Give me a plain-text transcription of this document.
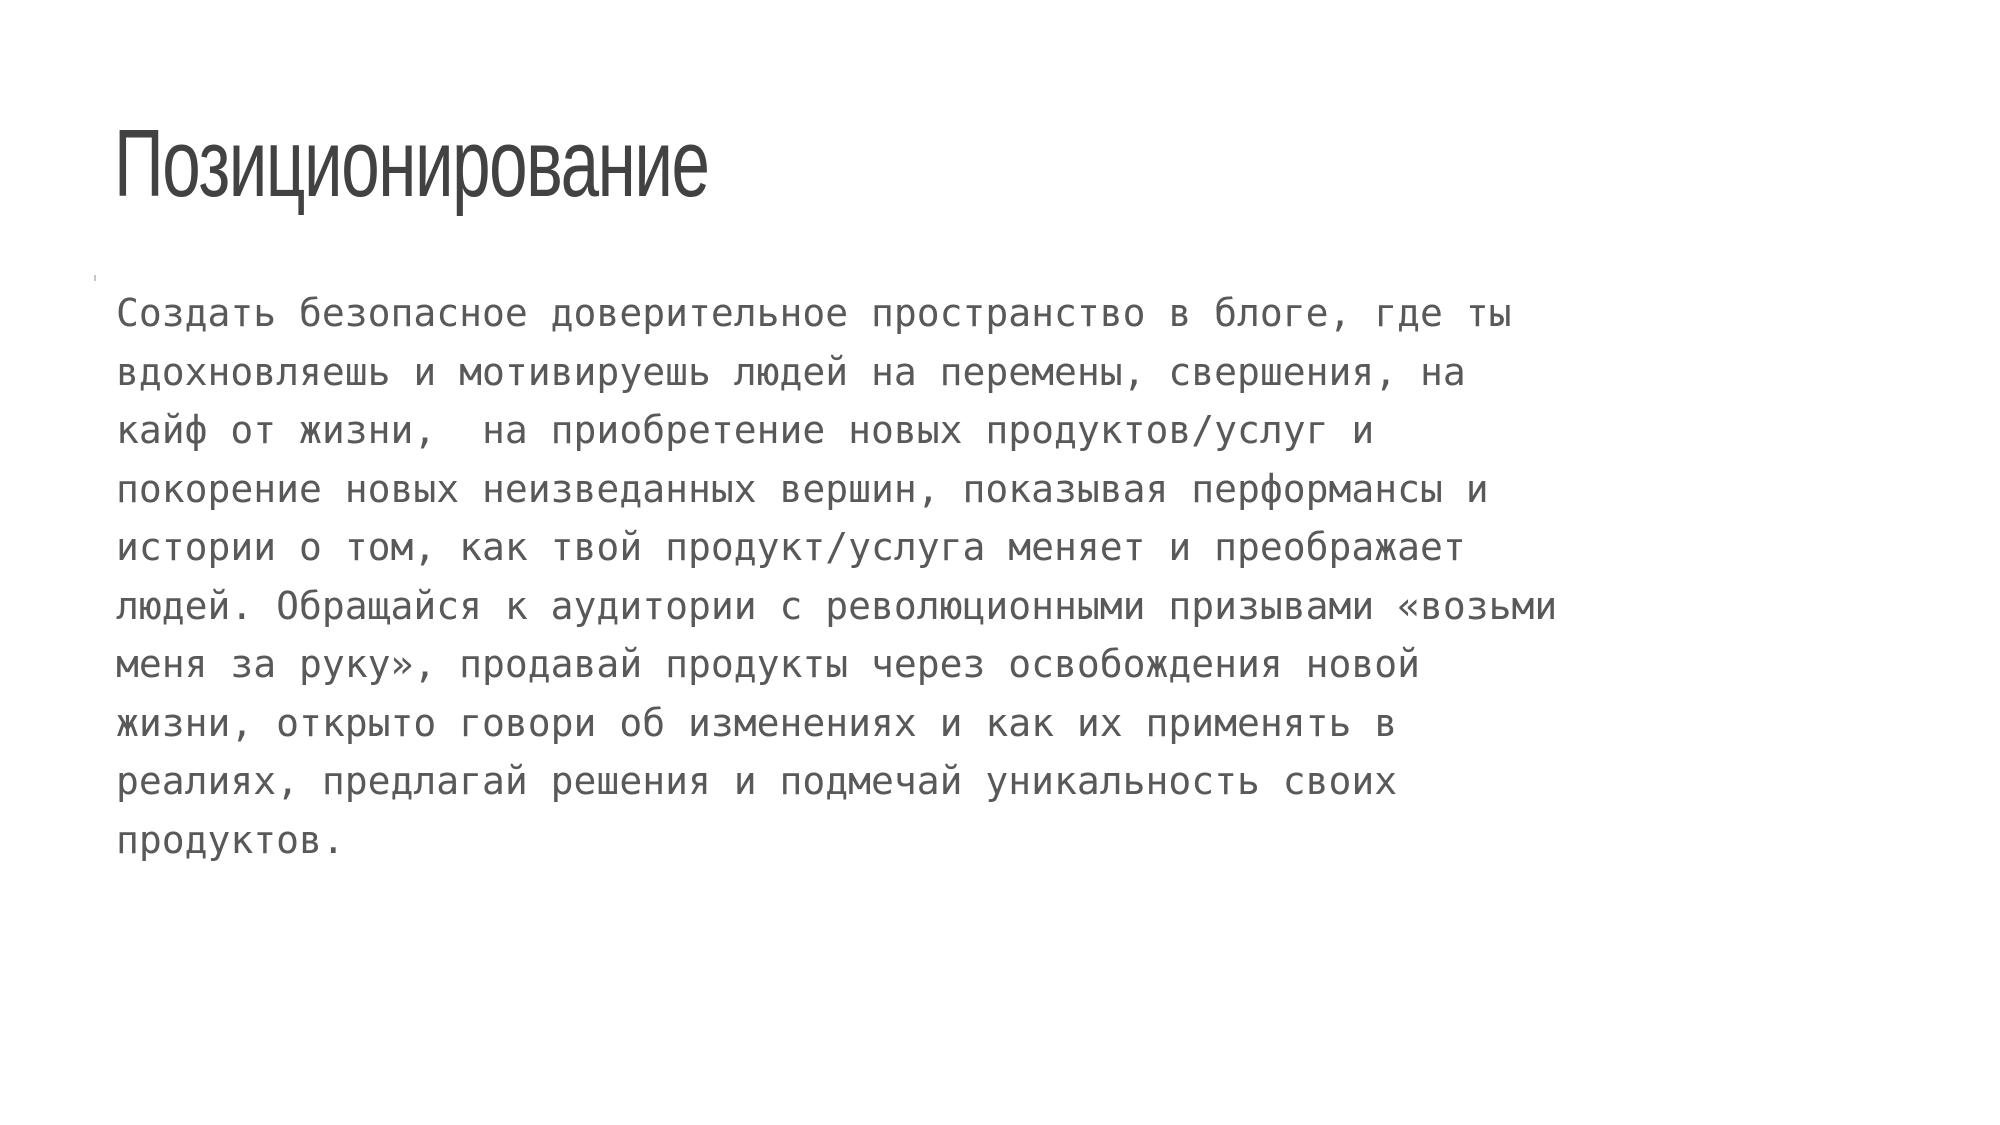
Позиционирование
Создать безопасное доверительное пространство в блоге, где ты
вдохновляешь и мотивируешь людей на перемены, свершения, на
кайф от жизни,  на приобретение новых продуктов/услуг и
покорение новых неизведанных вершин, показывая перформансы и
истории о том, как твой продукт/услуга меняет и преображает
людей. Обращайся к аудитории с революционными призывами «возьми
меня за руку», продавай продукты через освобождения новой
жизни, открыто говори об изменениях и как их применять в
реалиях, предлагай решения и подмечай уникальность своих
продуктов.
